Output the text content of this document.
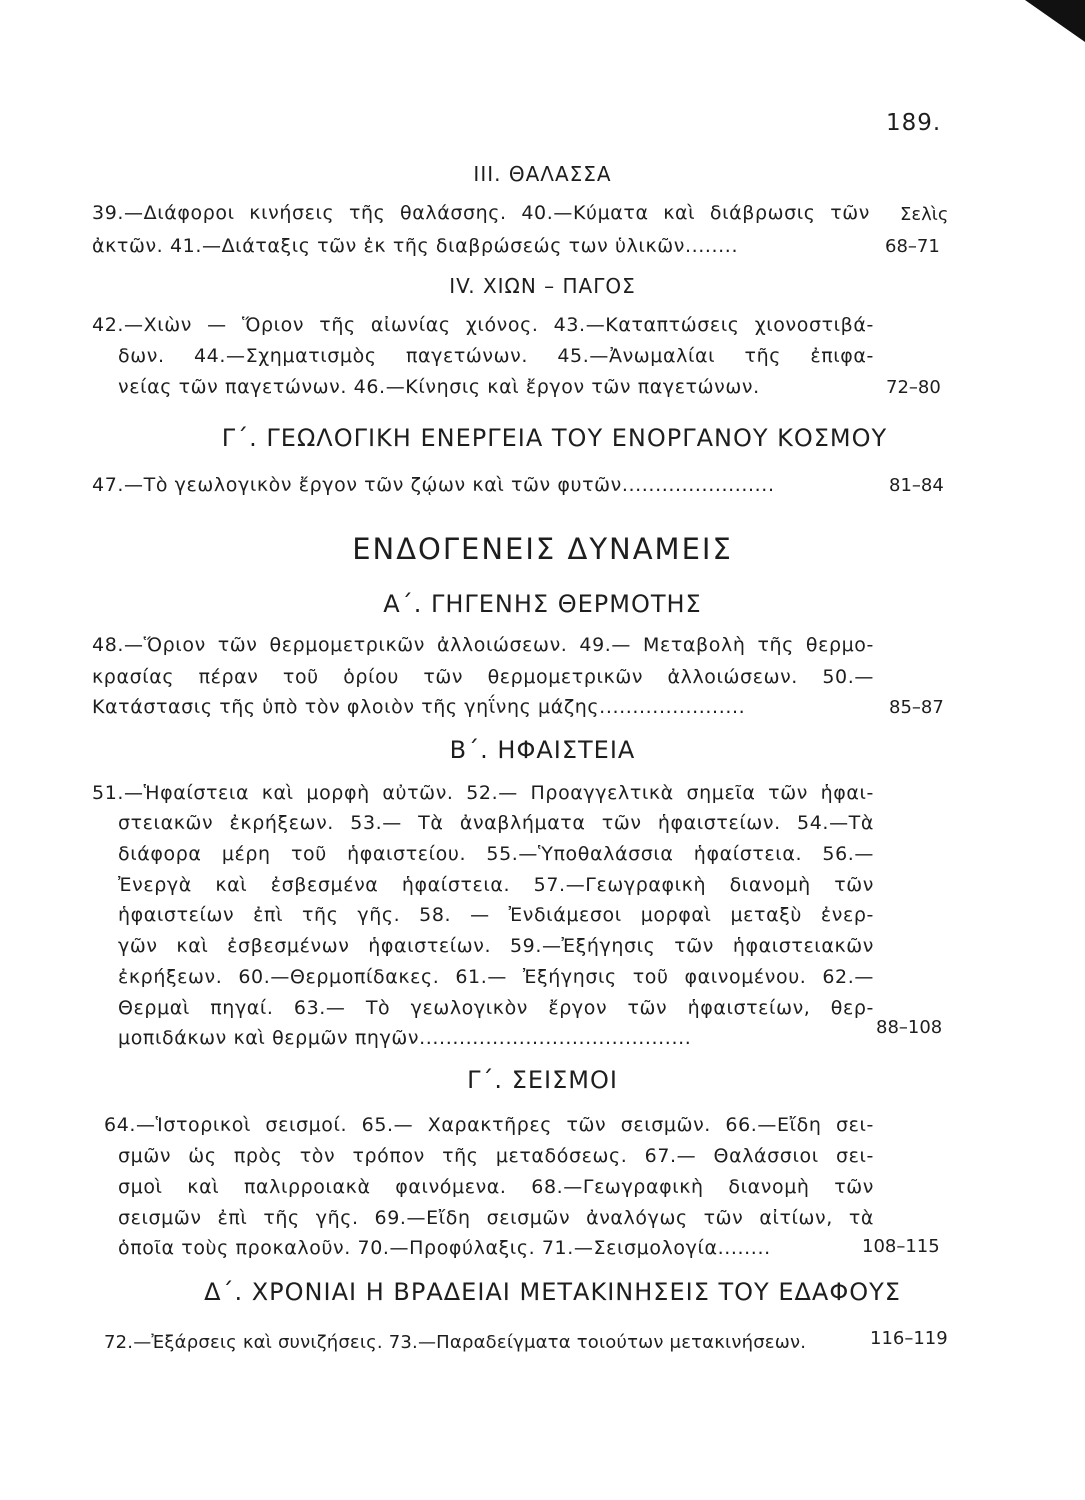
189.
III. ΘΑΛΑΣΣΑ
39.—Διάφοροι κινήσεις τῆς θαλάσσης. 40.—Κύματα καὶ διάβρωσις τῶν Σελὶς
ἀκτῶν. 41.—Διάταξις τῶν ἐκ τῆς διαβρώσεώς των ὑλικῶν........	68–71
IV. ΧΙΩΝ – ΠΑΓΟΣ
42.—Χιὼν — Ὅριον τῆς αἰωνίας χιόνος. 43.—Καταπτώσεις χιονοστιβά-
δων. 44.—Σχηματισμὸς παγετώνων. 45.—Ἀνωμαλίαι τῆς ἐπιφα-
νείας τῶν παγετώνων. 46.—Κίνησις καὶ ἔργον τῶν παγετώνων.	72–80
Γ΄. ΓΕΩΛΟΓΙΚΗ ΕΝΕΡΓΕΙΑ ΤΟΥ ΕΝΟΡΓΑΝΟΥ ΚΟΣΜΟΥ
47.—Τὸ γεωλογικὸν ἔργον τῶν ζῴων καὶ τῶν φυτῶν.......................	81–84
ΕΝΔΟΓΕΝΕΙΣ ΔΥΝΑΜΕΙΣ
Α΄. ΓΗΓΕΝΗΣ ΘΕΡΜΟΤΗΣ
48.—Ὅριον τῶν θερμομετρικῶν ἀλλοιώσεων. 49.— Μεταβολὴ τῆς θερμο-
κρασίας πέραν τοῦ ὁρίου τῶν θερμομετρικῶν ἀλλοιώσεων. 50.—
Κατάστασις τῆς ὑπὸ τὸν φλοιὸν τῆς γηΐνης μάζης......................	85–87
Β΄. ΗΦΑΙΣΤΕΙΑ
51.—Ἡφαίστεια καὶ μορφὴ αὐτῶν. 52.— Προαγγελτικὰ σημεῖα τῶν ἡφαι-
στειακῶν ἐκρήξεων. 53.— Τὰ ἀναβλήματα τῶν ἡφαιστείων. 54.—Τὰ
διάφορα μέρη τοῦ ἡφαιστείου. 55.—Ὑποθαλάσσια ἡφαίστεια. 56.—
Ἐνεργὰ καὶ ἐσβεσμένα ἡφαίστεια. 57.—Γεωγραφικὴ διανομὴ τῶν
ἡφαιστείων ἐπὶ τῆς γῆς. 58. — Ἐνδιάμεσοι μορφαὶ μεταξὺ ἐνερ-
γῶν καὶ ἐσβεσμένων ἡφαιστείων. 59.—Ἐξήγησις τῶν ἡφαιστειακῶν
ἐκρήξεων. 60.—Θερμοπίδακες. 61.— Ἐξήγησις τοῦ φαινομένου. 62.—
Θερμαὶ πηγαί. 63.— Τὸ γεωλογικὸν ἔργον τῶν ἡφαιστείων, θερ-
μοπιδάκων καὶ θερμῶν πηγῶν.........................................	88–108
Γ΄. ΣΕΙΣΜΟΙ
64.—Ἱστορικοὶ σεισμοί. 65.— Χαρακτῆρες τῶν σεισμῶν. 66.—Εἴδη σει-
σμῶν ὡς πρὸς τὸν τρόπον τῆς μεταδόσεως. 67.— Θαλάσσιοι σει-
σμοὶ καὶ παλιρροιακὰ φαινόμενα. 68.—Γεωγραφικὴ διανομὴ τῶν
σεισμῶν ἐπὶ τῆς γῆς. 69.—Εἴδη σεισμῶν ἀναλόγως τῶν αἰτίων, τὰ
ὁποῖα τοὺς προκαλοῦν. 70.—Προφύλαξις. 71.—Σεισμολογία........	108–115
Δ΄. ΧΡΟΝΙΑΙ Η ΒΡΑΔΕΙΑΙ ΜΕΤΑΚΙΝΗΣΕΙΣ ΤΟΥ ΕΔΑΦΟΥΣ
72.—Ἐξάρσεις καὶ συνιζήσεις. 73.—Παραδείγματα τοιούτων μετακινήσεων.	116–119
